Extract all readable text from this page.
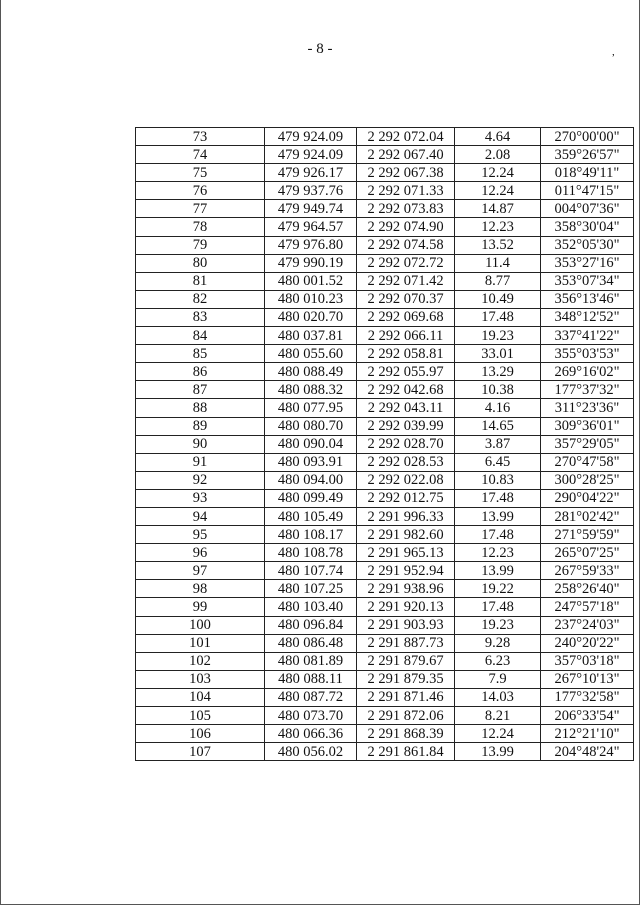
- 8 -	,
73	479 924.09	2 292 072.04	4.64	270°00'00"
74	479 924.09	2 292 067.40	2.08	359°26'57"
75	479 926.17	2 292 067.38	12.24	018°49'11"
76	479 937.76	2 292 071.33	12.24	011°47'15"
77	479 949.74	2 292 073.83	14.87	004°07'36"
78	479 964.57	2 292 074.90	12.23	358°30'04"
79	479 976.80	2 292 074.58	13.52	352°05'30"
80	479 990.19	2 292 072.72	11.4	353°27'16"
81	480 001.52	2 292 071.42	8.77	353°07'34"
82	480 010.23	2 292 070.37	10.49	356°13'46"
83	480 020.70	2 292 069.68	17.48	348°12'52"
84	480 037.81	2 292 066.11	19.23	337°41'22"
85	480 055.60	2 292 058.81	33.01	355°03'53"
86	480 088.49	2 292 055.97	13.29	269°16'02"
87	480 088.32	2 292 042.68	10.38	177°37'32"
88	480 077.95	2 292 043.11	4.16	311°23'36"
89	480 080.70	2 292 039.99	14.65	309°36'01"
90	480 090.04	2 292 028.70	3.87	357°29'05"
91	480 093.91	2 292 028.53	6.45	270°47'58"
92	480 094.00	2 292 022.08	10.83	300°28'25"
93	480 099.49	2 292 012.75	17.48	290°04'22"
94	480 105.49	2 291 996.33	13.99	281°02'42"
95	480 108.17	2 291 982.60	17.48	271°59'59"
96	480 108.78	2 291 965.13	12.23	265°07'25"
97	480 107.74	2 291 952.94	13.99	267°59'33"
98	480 107.25	2 291 938.96	19.22	258°26'40"
99	480 103.40	2 291 920.13	17.48	247°57'18"
100	480 096.84	2 291 903.93	19.23	237°24'03"
101	480 086.48	2 291 887.73	9.28	240°20'22"
102	480 081.89	2 291 879.67	6.23	357°03'18"
103	480 088.11	2 291 879.35	7.9	267°10'13"
104	480 087.72	2 291 871.46	14.03	177°32'58"
105	480 073.70	2 291 872.06	8.21	206°33'54"
106	480 066.36	2 291 868.39	12.24	212°21'10"
107	480 056.02	2 291 861.84	13.99	204°48'24"
